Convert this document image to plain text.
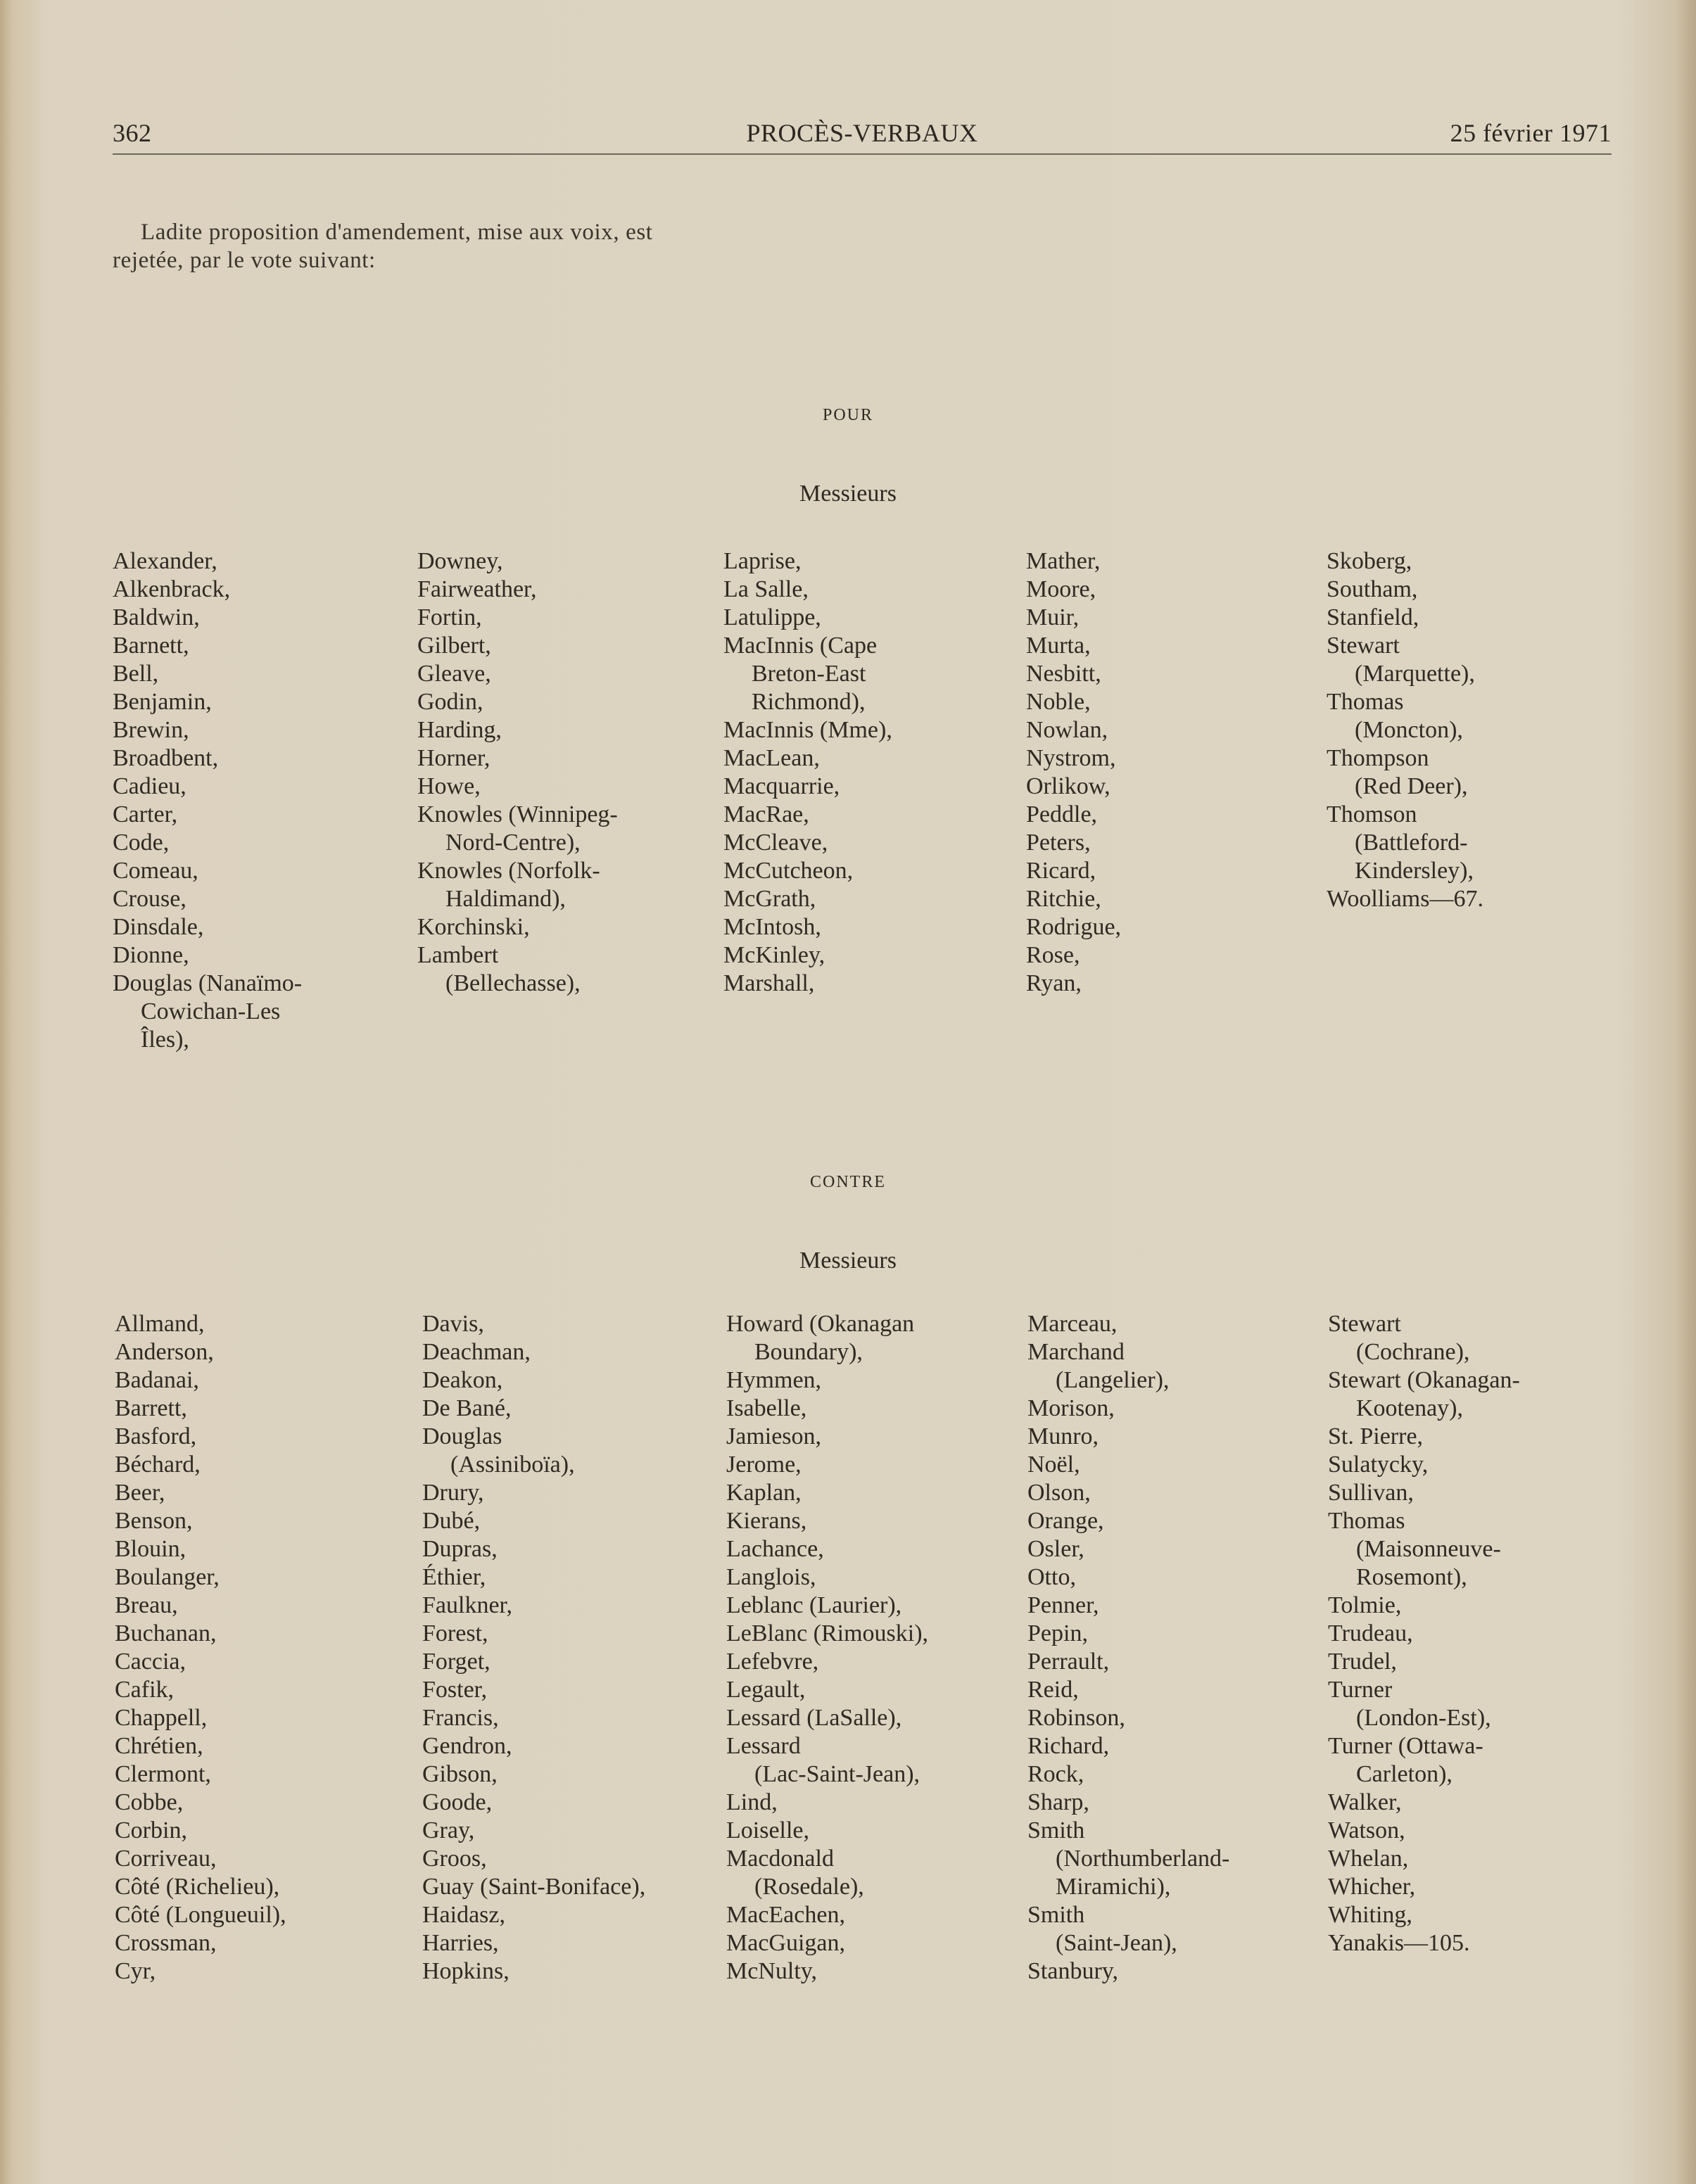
362	PROCÈS-VERBAUX	25 février 1971
Ladite proposition d'amendement, mise aux voix, est
rejetée, par le vote suivant:
POUR
Messieurs
Alexander,
Alkenbrack,
Baldwin,
Barnett,
Bell,
Benjamin,
Brewin,
Broadbent,
Cadieu,
Carter,
Code,
Comeau,
Crouse,
Dinsdale,
Dionne,
Douglas (Nanaïmo-
Cowichan-Les
Îles),
Downey,
Fairweather,
Fortin,
Gilbert,
Gleave,
Godin,
Harding,
Horner,
Howe,
Knowles (Winnipeg-
Nord-Centre),
Knowles (Norfolk-
Haldimand),
Korchinski,
Lambert
(Bellechasse),
Laprise,
La Salle,
Latulippe,
MacInnis (Cape
Breton-East
Richmond),
MacInnis (Mme),
MacLean,
Macquarrie,
MacRae,
McCleave,
McCutcheon,
McGrath,
McIntosh,
McKinley,
Marshall,
Mather,
Moore,
Muir,
Murta,
Nesbitt,
Noble,
Nowlan,
Nystrom,
Orlikow,
Peddle,
Peters,
Ricard,
Ritchie,
Rodrigue,
Rose,
Ryan,
Skoberg,
Southam,
Stanfield,
Stewart
(Marquette),
Thomas
(Moncton),
Thompson
(Red Deer),
Thomson
(Battleford-
Kindersley),
Woolliams—67.
CONTRE
Messieurs
Allmand,
Anderson,
Badanai,
Barrett,
Basford,
Béchard,
Beer,
Benson,
Blouin,
Boulanger,
Breau,
Buchanan,
Caccia,
Cafik,
Chappell,
Chrétien,
Clermont,
Cobbe,
Corbin,
Corriveau,
Côté (Richelieu),
Côté (Longueuil),
Crossman,
Cyr,
Davis,
Deachman,
Deakon,
De Bané,
Douglas
(Assiniboïa),
Drury,
Dubé,
Dupras,
Éthier,
Faulkner,
Forest,
Forget,
Foster,
Francis,
Gendron,
Gibson,
Goode,
Gray,
Groos,
Guay (Saint-Boniface),
Haidasz,
Harries,
Hopkins,
Howard (Okanagan
Boundary),
Hymmen,
Isabelle,
Jamieson,
Jerome,
Kaplan,
Kierans,
Lachance,
Langlois,
Leblanc (Laurier),
LeBlanc (Rimouski),
Lefebvre,
Legault,
Lessard (LaSalle),
Lessard
(Lac-Saint-Jean),
Lind,
Loiselle,
Macdonald
(Rosedale),
MacEachen,
MacGuigan,
McNulty,
Marceau,
Marchand
(Langelier),
Morison,
Munro,
Noël,
Olson,
Orange,
Osler,
Otto,
Penner,
Pepin,
Perrault,
Reid,
Robinson,
Richard,
Rock,
Sharp,
Smith
(Northumberland-
Miramichi),
Smith
(Saint-Jean),
Stanbury,
Stewart
(Cochrane),
Stewart (Okanagan-
Kootenay),
St. Pierre,
Sulatycky,
Sullivan,
Thomas
(Maisonneuve-
Rosemont),
Tolmie,
Trudeau,
Trudel,
Turner
(London-Est),
Turner (Ottawa-
Carleton),
Walker,
Watson,
Whelan,
Whicher,
Whiting,
Yanakis—105.
